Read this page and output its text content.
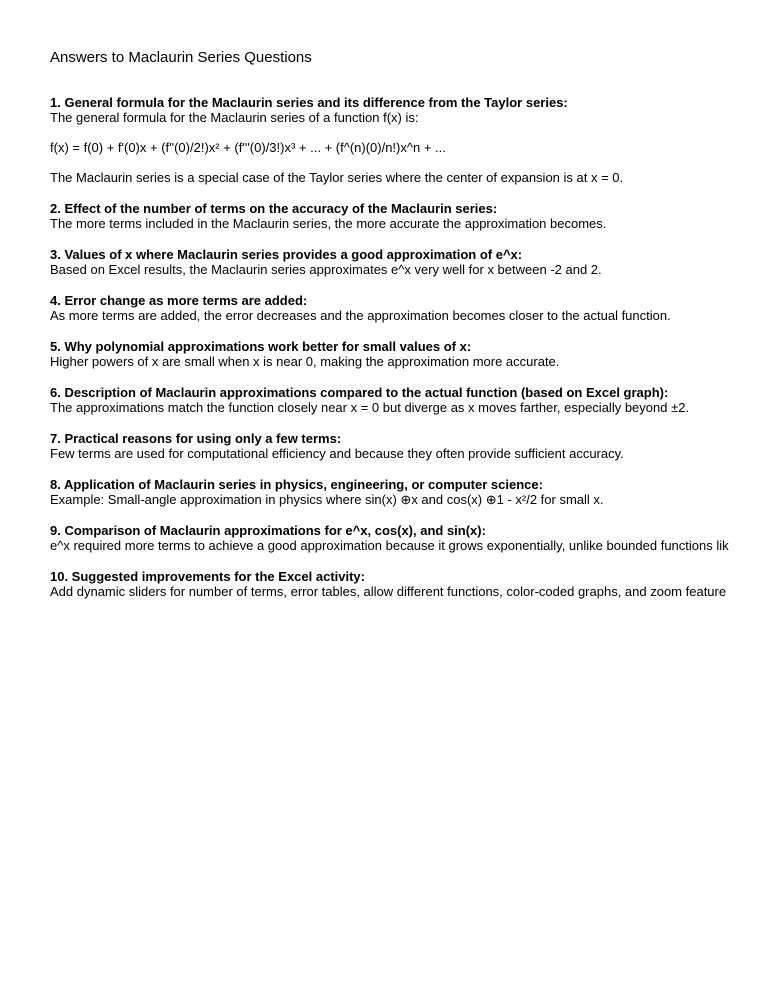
Answers to Maclaurin Series Questions
1. General formula for the Maclaurin series and its difference from the Taylor series:
The general formula for the Maclaurin series of a function f(x) is:
f(x) = f(0) + f'(0)x + (f''(0)/2!)x² + (f'''(0)/3!)x³ + ... + (f^(n)(0)/n!)x^n + ...
The Maclaurin series is a special case of the Taylor series where the center of expansion is at x = 0.
2. Effect of the number of terms on the accuracy of the Maclaurin series:
The more terms included in the Maclaurin series, the more accurate the approximation becomes.
3. Values of x where Maclaurin series provides a good approximation of e^x:
Based on Excel results, the Maclaurin series approximates e^x very well for x between -2 and 2.
4. Error change as more terms are added:
As more terms are added, the error decreases and the approximation becomes closer to the actual function.
5. Why polynomial approximations work better for small values of x:
Higher powers of x are small when x is near 0, making the approximation more accurate.
6. Description of Maclaurin approximations compared to the actual function (based on Excel graph):
The approximations match the function closely near x = 0 but diverge as x moves farther, especially beyond ±2.
7. Practical reasons for using only a few terms:
Few terms are used for computational efficiency and because they often provide sufficient accuracy.
8. Application of Maclaurin series in physics, engineering, or computer science:
Example: Small-angle approximation in physics where sin(x) ⊕x and cos(x) ⊕1 - x²/2 for small x.
9. Comparison of Maclaurin approximations for e^x, cos(x), and sin(x):
e^x required more terms to achieve a good approximation because it grows exponentially, unlike bounded functions lik
10. Suggested improvements for the Excel activity:
Add dynamic sliders for number of terms, error tables, allow different functions, color-coded graphs, and zoom feature
